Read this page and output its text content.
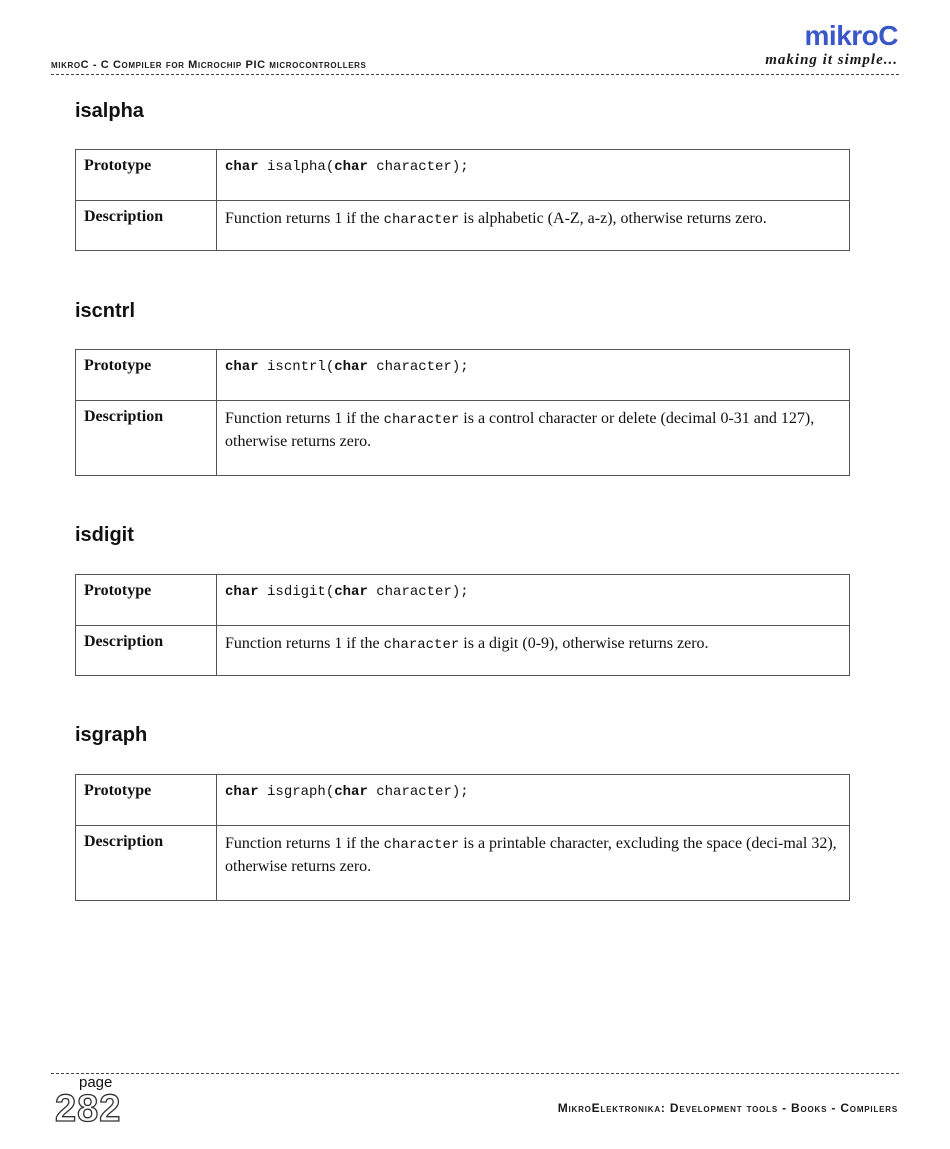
mikroC - C Compiler for Microchip PIC microcontrollers
mikroC
making it simple...
isalpha
Prototype	char isalpha(char character);
Description	Function returns 1 if the character is alphabetic (A-Z, a-z), otherwise returns zero.
iscntrl
Prototype	char iscntrl(char character);
Description	Function returns 1 if the character is a control character or delete (decimal 0-31 and 127), otherwise returns zero.
isdigit
Prototype	char isdigit(char character);
Description	Function returns 1 if the character is a digit (0-9), otherwise returns zero.
isgraph
Prototype	char isgraph(char character);
Description	Function returns 1 if the character is a printable character, excluding the space (deci-mal 32), otherwise returns zero.
page
282	MikroElektronika: Development tools - Books - Compilers
